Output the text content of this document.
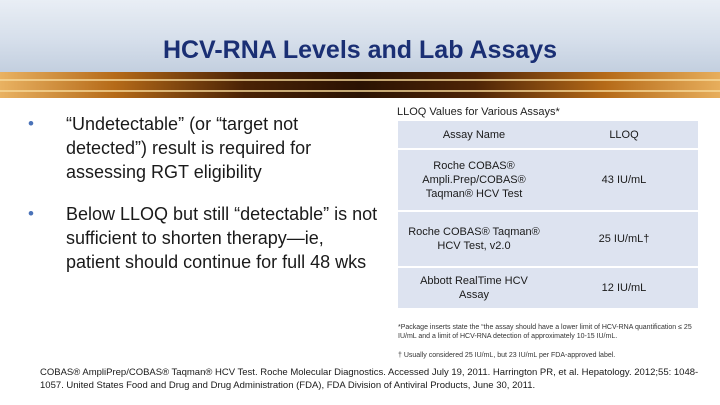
HCV-RNA Levels and Lab Assays
•	“Undetectable” (or “target not detected”) result is required for assessing RGT eligibility
•	Below LLOQ but still “detectable” is not sufficient to shorten therapy—ie, patient should continue for full 48 wks
LLOQ Values for Various Assays*
Assay Name	LLOQ
Roche COBAS® Ampli.Prep/COBAS® Taqman® HCV Test	43 IU/mL
Roche COBAS® Taqman® HCV Test, v2.0	25 IU/mL†
Abbott RealTime HCV Assay	12 IU/mL
*Package inserts state the “the assay should have a lower limit of HCV-RNA quantification ≤ 25 IU/mL and a limit of HCV-RNA detection of approximately 10-15 IU/mL.
† Usually considered 25 IU/mL, but 23 IU/mL per FDA-approved label.
COBAS® AmpliPrep/COBAS® Taqman® HCV Test. Roche Molecular Diagnostics. Accessed July 19, 2011. Harrington PR, et al. Hepatology. 2012;55: 1048-1057. United States Food and Drug and Drug Administration (FDA), FDA Division of Antiviral Products, June 30, 2011.
